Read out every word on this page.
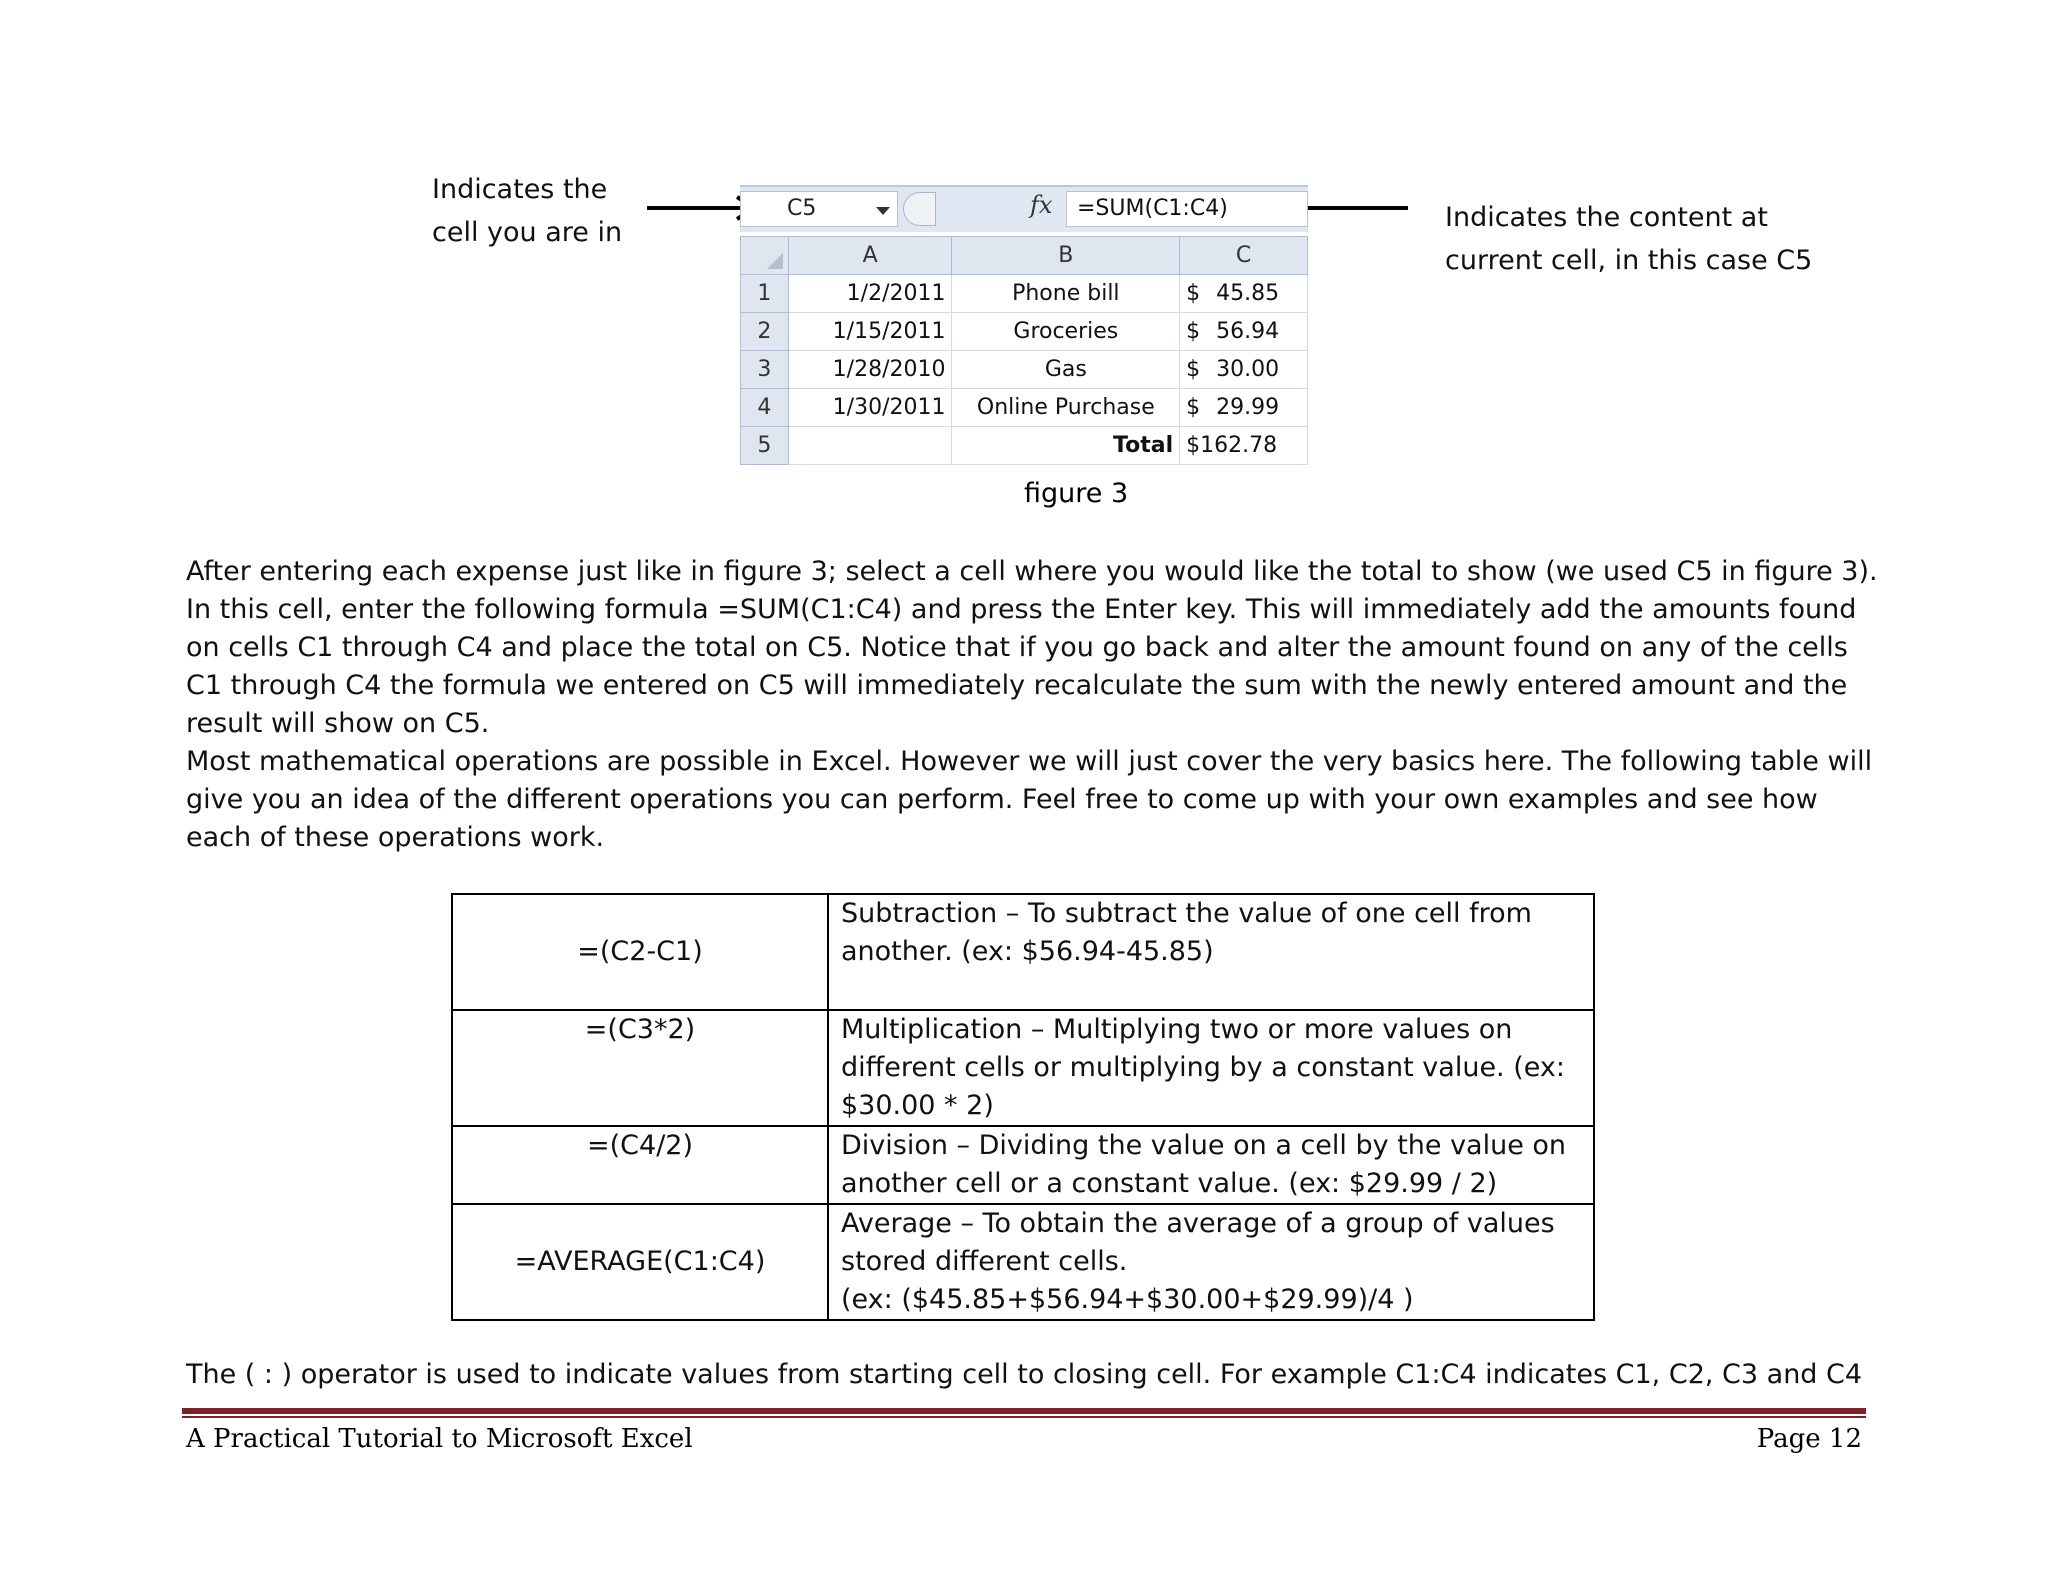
Indicates the
cell you are in	Indicates the content at
current cell, in this case C5
C5	fx =SUM(C1:C4)
	A	B	C
1	1/2/2011	Phone bill	$ 45.85
2	1/15/2011	Groceries	$ 56.94
3	1/28/2010	Gas	$ 30.00
4	1/30/2011	Online Purchase	$ 29.99
5		Total	$162.78
figure 3
After entering each expense just like in figure 3; select a cell where you would like the total to show (we used C5 in figure 3). In this cell, enter the following formula =SUM(C1:C4) and press the Enter key. This will immediately add the amounts found on cells C1 through C4 and place the total on C5. Notice that if you go back and alter the amount found on any of the cells C1 through C4 the formula we entered on C5 will immediately recalculate the sum with the newly entered amount and the result will show on C5.
Most mathematical operations are possible in Excel. However we will just cover the very basics here. The following table will give you an idea of the different operations you can perform. Feel free to come up with your own examples and see how each of these operations work.
=(C2-C1)	Subtraction – To subtract the value of one cell from another. (ex: $56.94-45.85)
=(C3*2)	Multiplication – Multiplying two or more values on different cells or multiplying by a constant value. (ex: $30.00 * 2)
=(C4/2)	Division – Dividing the value on a cell by the value on another cell or a constant value. (ex: $29.99 / 2)
=AVERAGE(C1:C4)	Average – To obtain the average of a group of values stored different cells.
(ex: ($45.85+$56.94+$30.00+$29.99)/4 )
The ( : ) operator is used to indicate values from starting cell to closing cell. For example C1:C4 indicates C1, C2, C3 and C4
A Practical Tutorial to Microsoft Excel	Page 12
